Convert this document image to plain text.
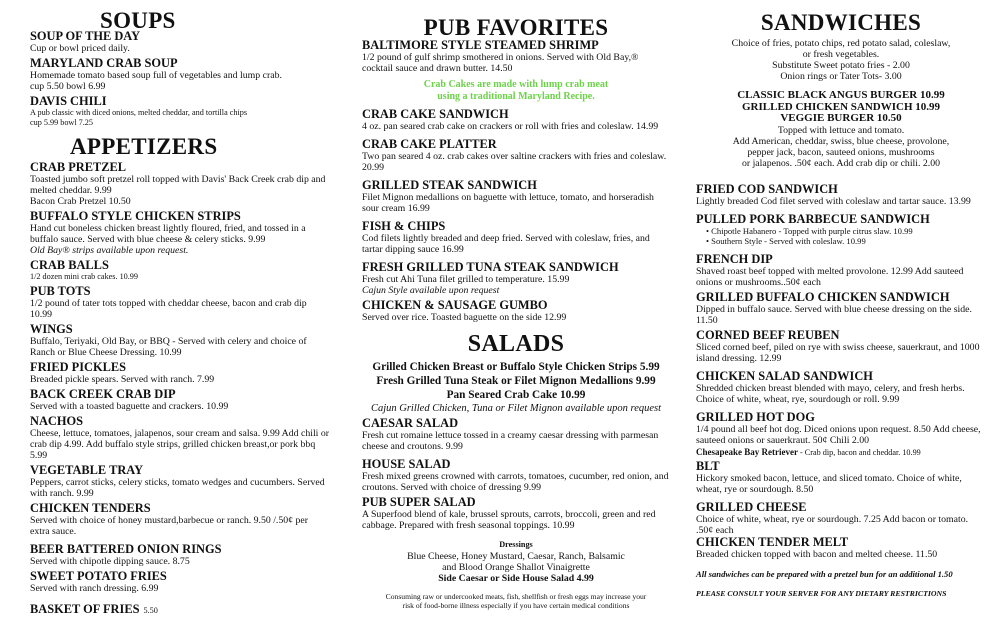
SOUPS
SOUP OF THE DAY
Cup or bowl priced daily.
MARYLAND CRAB SOUP
Homemade tomato based soup full of vegetables and lump crab.
cup 5.50 bowl 6.99
DAVIS CHILI
A pub classic with diced onions, melted cheddar, and tortilla chips
cup 5.99 bowl 7.25
APPETIZERS
CRAB PRETZEL
Toasted jumbo soft pretzel roll topped with Davis' Back Creek crab dip and melted cheddar. 9.99
Bacon Crab Pretzel 10.50
BUFFALO STYLE CHICKEN STRIPS
Hand cut boneless chicken breast lightly floured, fried, and tossed in a buffalo sauce. Served with blue cheese & celery sticks. 9.99
Old Bay® strips available upon request.
CRAB BALLS
1/2 dozen mini crab cakes. 10.99
PUB TOTS
1/2 pound of tater tots topped with cheddar cheese, bacon and crab dip 10.99
WINGS
Buffalo, Teriyaki, Old Bay, or BBQ - Served with celery and choice of Ranch or Blue Cheese Dressing. 10.99
FRIED PICKLES
Breaded pickle spears. Served with ranch. 7.99
BACK CREEK CRAB DIP
Served with a toasted baguette and crackers. 10.99
NACHOS
Cheese, lettuce, tomatoes, jalapenos, sour cream and salsa. 9.99 Add chili or crab dip 4.99. Add buffalo style strips, grilled chicken breast,or pork bbq 5.99
VEGETABLE TRAY
Peppers, carrot sticks, celery sticks, tomato wedges and cucumbers. Served with ranch. 9.99
CHICKEN TENDERS
Served with choice of honey mustard,barbecue or ranch. 9.50 /.50¢ per extra sauce.
BEER BATTERED ONION RINGS
Served with chipotle dipping sauce. 8.75
SWEET POTATO FRIES
Served with ranch dressing. 6.99
BASKET OF FRIES 5.50
PUB FAVORITES
BALTIMORE STYLE STEAMED SHRIMP
1/2 pound of gulf shrimp smothered in onions. Served with Old Bay,® cocktail sauce and drawn butter. 14.50
Crab Cakes are made with lump crab meat
using a traditional Maryland Recipe.
CRAB CAKE SANDWICH
4 oz. pan seared crab cake on crackers or roll with fries and coleslaw. 14.99
CRAB CAKE PLATTER
Two pan seared 4 oz. crab cakes over saltine crackers with fries and coleslaw. 20.99
GRILLED STEAK SANDWICH
Filet Mignon medallions on baguette with lettuce, tomato, and horseradish sour cream 16.99
FISH & CHIPS
Cod filets lightly breaded and deep fried. Served with coleslaw, fries, and tartar dipping sauce 16.99
FRESH GRILLED TUNA STEAK SANDWICH
Fresh cut Ahi Tuna filet grilled to temperature. 15.99
Cajun Style available upon request
CHICKEN & SAUSAGE GUMBO
Served over rice. Toasted baguette on the side 12.99
SALADS
Grilled Chicken Breast or Buffalo Style Chicken Strips 5.99
Fresh Grilled Tuna Steak or Filet Mignon Medallions 9.99
Pan Seared Crab Cake 10.99
Cajun Grilled Chicken, Tuna or Filet Mignon available upon request
CAESAR SALAD
Fresh cut romaine lettuce tossed in a creamy caesar dressing with parmesan cheese and croutons. 9.99
HOUSE SALAD
Fresh mixed greens crowned with carrots, tomatoes, cucumber, red onion, and croutons. Served with choice of dressing 9.99
PUB SUPER SALAD
A Superfood blend of kale, brussel sprouts, carrots, broccoli, green and red cabbage. Prepared with fresh seasonal toppings. 10.99
Dressings
Blue Cheese, Honey Mustard, Caesar, Ranch, Balsamic
and Blood Orange Shallot Vinaigrette
Side Caesar or Side House Salad 4.99
Consuming raw or undercooked meats, fish, shellfish or fresh eggs may increase your
risk of food-borne illness especially if you have certain medical conditions
SANDWICHES
Choice of fries, potato chips, red potato salad, coleslaw,
or fresh vegetables.
Substitute Sweet potato fries - 2.00
Onion rings or Tater Tots- 3.00
CLASSIC BLACK ANGUS BURGER 10.99
GRILLED CHICKEN SANDWICH 10.99
VEGGIE BURGER 10.50
Topped with lettuce and tomato.
Add American, cheddar, swiss, blue cheese, provolone,
pepper jack, bacon, sauteed onions, mushrooms
or jalapenos. .50¢ each. Add crab dip or chili. 2.00
FRIED COD SANDWICH
Lightly breaded Cod filet served with coleslaw and tartar sauce. 13.99
PULLED PORK BARBECUE SANDWICH
• Chipotle Habanero - Topped with purple citrus slaw. 10.99
• Southern Style - Served with coleslaw. 10.99
FRENCH DIP
Shaved roast beef topped with melted provolone. 12.99 Add sauteed onions or mushrooms..50¢ each
GRILLED BUFFALO CHICKEN SANDWICH
Dipped in buffalo sauce. Served with blue cheese dressing on the side. 11.50
CORNED BEEF REUBEN
Sliced corned beef, piled on rye with swiss cheese, sauerkraut, and 1000 island dressing. 12.99
CHICKEN SALAD SANDWICH
Shredded chicken breast blended with mayo, celery, and fresh herbs. Choice of white, wheat, rye, sourdough or roll. 9.99
GRILLED HOT DOG
1/4 pound all beef hot dog. Diced onions upon request. 8.50 Add cheese, sauteed onions or sauerkraut. 50¢ Chili 2.00
Chesapeake Bay Retriever - Crab dip, bacon and cheddar. 10.99
BLT
Hickory smoked bacon, lettuce, and sliced tomato. Choice of white, wheat, rye or sourdough. 8.50
GRILLED CHEESE
Choice of white, wheat, rye or sourdough. 7.25 Add bacon or tomato. .50¢ each
CHICKEN TENDER MELT
Breaded chicken topped with bacon and melted cheese. 11.50
All sandwiches can be prepared with a pretzel bun for an additional 1.50
PLEASE CONSULT YOUR SERVER FOR ANY DIETARY RESTRICTIONS
